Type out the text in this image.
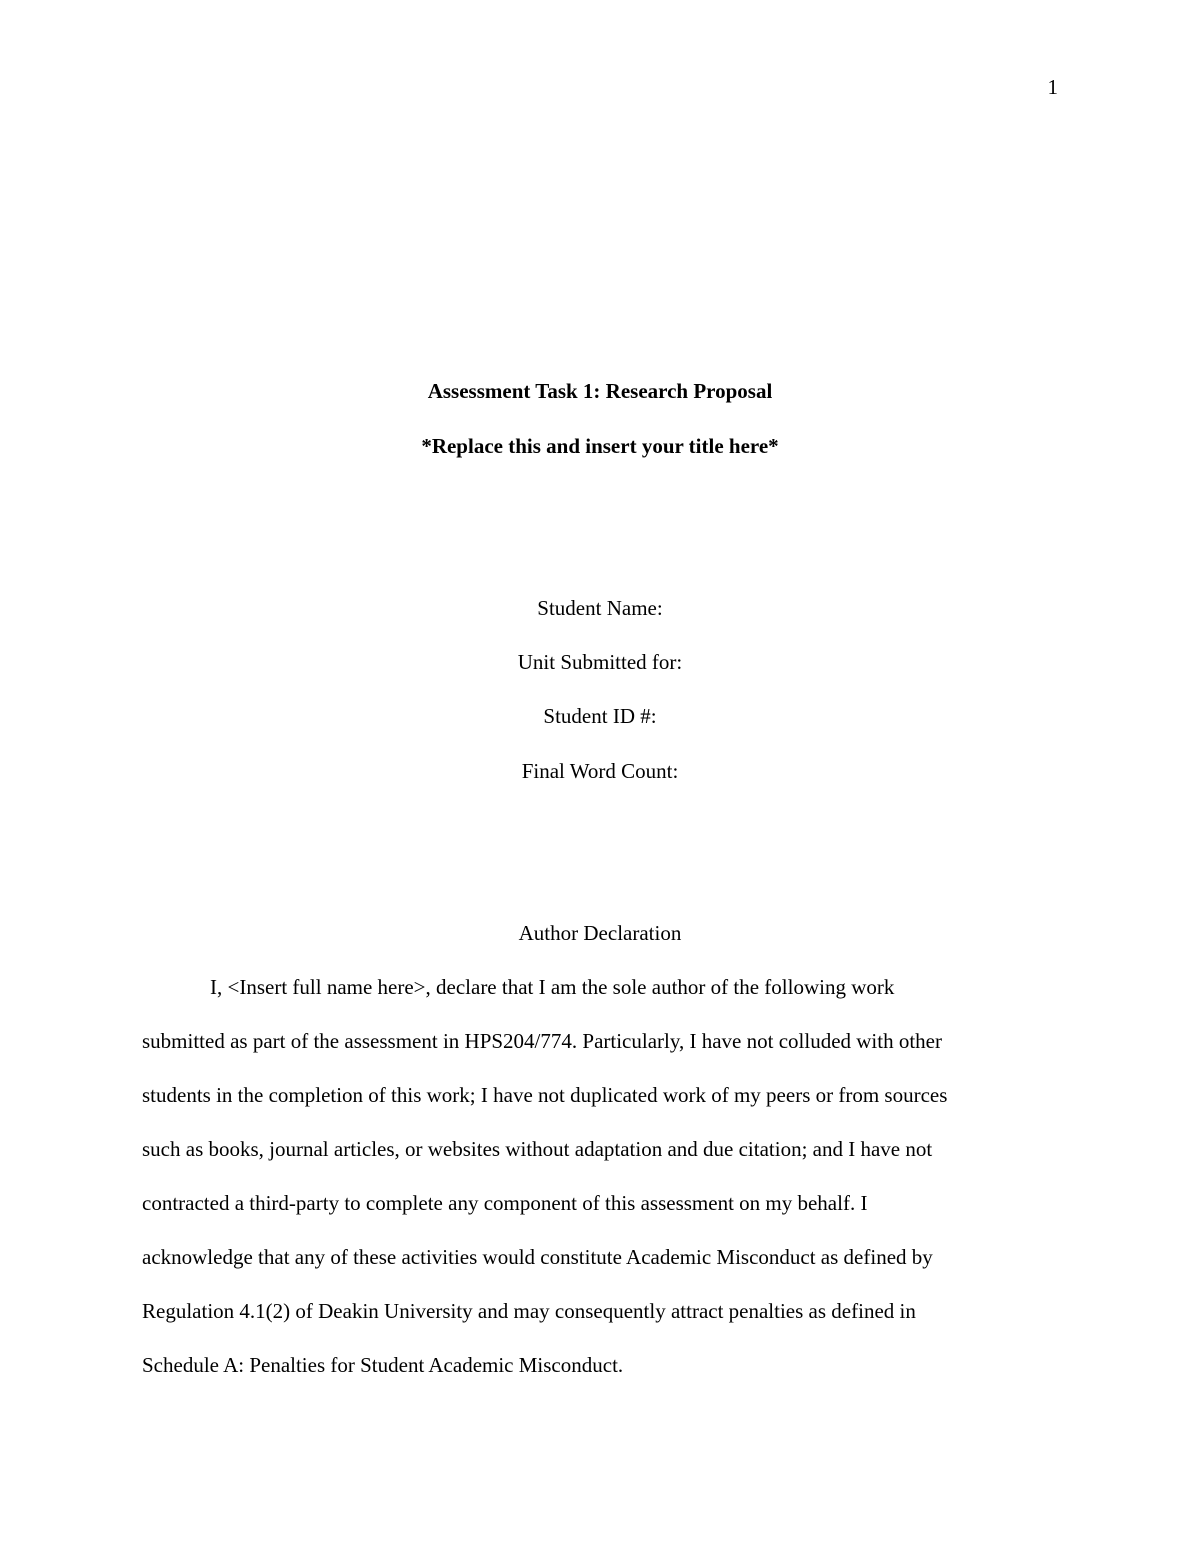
1
Assessment Task 1: Research Proposal
*Replace this and insert your title here*
Student Name:
Unit Submitted for:
Student ID #:
Final Word Count:
Author Declaration
I, <Insert full name here>, declare that I am the sole author of the following work
submitted as part of the assessment in HPS204/774. Particularly, I have not colluded with other
students in the completion of this work; I have not duplicated work of my peers or from sources
such as books, journal articles, or websites without adaptation and due citation; and I have not
contracted a third-party to complete any component of this assessment on my behalf. I
acknowledge that any of these activities would constitute Academic Misconduct as defined by
Regulation 4.1(2) of Deakin University and may consequently attract penalties as defined in
Schedule A: Penalties for Student Academic Misconduct.
